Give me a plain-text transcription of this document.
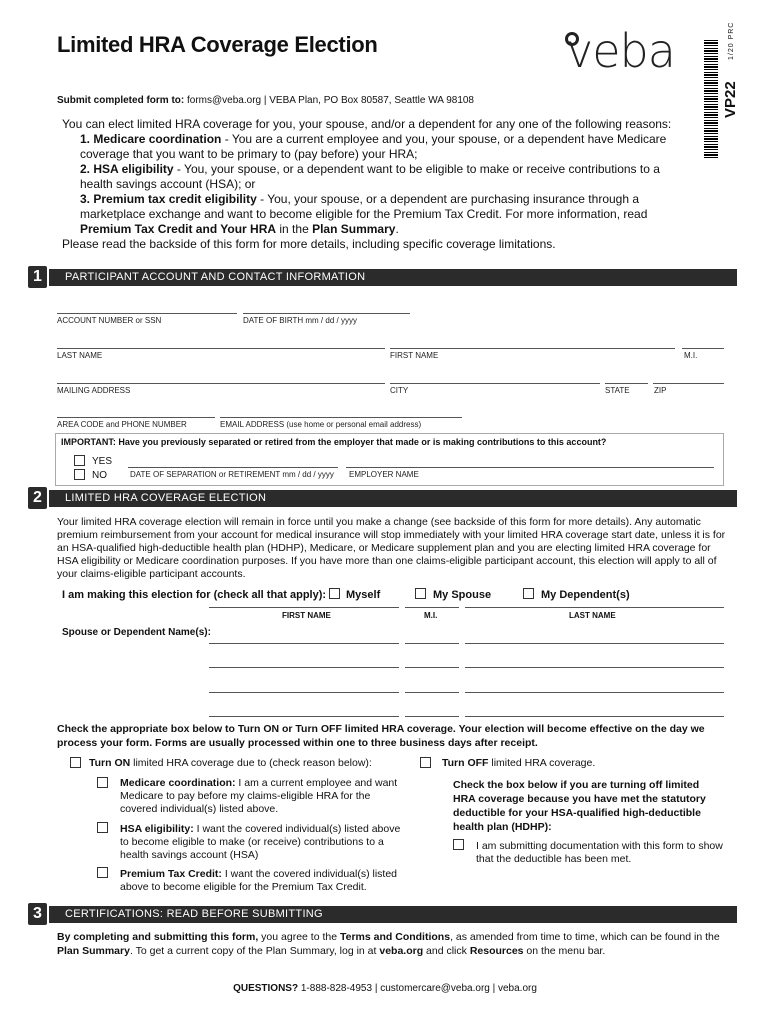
Limited HRA Coverage Election	veba
VP22
1/20 PRC
Submit completed form to: forms@veba.org | VEBA Plan, PO Box 80587, Seattle WA 98108
You can elect limited HRA coverage for you, your spouse, and/or a dependent for any one of the following reasons:
1. Medicare coordination - You are a current employee and you, your spouse, or a dependent have Medicare coverage that you want to be primary to (pay before) your HRA;
2. HSA eligibility - You, your spouse, or a dependent want to be eligible to make or receive contributions to a health savings account (HSA); or
3. Premium tax credit eligibility - You, your spouse, or a dependent are purchasing insurance through a marketplace exchange and want to become eligible for the Premium Tax Credit. For more information, read Premium Tax Credit and Your HRA in the Plan Summary.
Please read the backside of this form for more details, including specific coverage limitations.
1	PARTICIPANT ACCOUNT AND CONTACT INFORMATION
ACCOUNT NUMBER or SSN	DATE OF BIRTH mm / dd / yyyy
LAST NAME	FIRST NAME	M.I.
MAILING ADDRESS	CITY	STATE	ZIP
AREA CODE and PHONE NUMBER	EMAIL ADDRESS (use home or personal email address)
IMPORTANT: Have you previously separated or retired from the employer that made or is making contributions to this account?
YES
NO	DATE OF SEPARATION or RETIREMENT mm / dd / yyyy EMPLOYER NAME
2	LIMITED HRA COVERAGE ELECTION
Your limited HRA coverage election will remain in force until you make a change (see backside of this form for more details). Any automatic premium reimbursement from your account for medical insurance will stop immediately with your limited HRA coverage start date, unless it is for an HSA-qualified high-deductible health plan (HDHP), Medicare, or Medicare supplement plan and you are electing limited HRA coverage for HSA eligibility or Medicare coordination purposes. If you have more than one claims-eligible participant account, this election will apply to all of your claims-eligible participant accounts.
I am making this election for (check all that apply): Myself	My Spouse	My Dependent(s)
FIRST NAME	M.I.	LAST NAME
Spouse or Dependent Name(s):
Check the appropriate box below to Turn ON or Turn OFF limited HRA coverage. Your election will become effective on the day we process your form. Forms are usually processed within one to three business days after receipt.
Turn ON limited HRA coverage due to (check reason below):
Medicare coordination: I am a current employee and want Medicare to pay before my claims-eligible HRA for the covered individual(s) listed above.
HSA eligibility: I want the covered individual(s) listed above to become eligible to make (or receive) contributions to a health savings account (HSA)
Premium Tax Credit: I want the covered individual(s) listed above to become eligible for the Premium Tax Credit.
Turn OFF limited HRA coverage.
Check the box below if you are turning off limited HRA coverage because you have met the statutory deductible for your HSA-qualified high-deductible health plan (HDHP):
I am submitting documentation with this form to show that the deductible has been met.
3	CERTIFICATIONS: READ BEFORE SUBMITTING
By completing and submitting this form, you agree to the Terms and Conditions, as amended from time to time, which can be found in the Plan Summary. To get a current copy of the Plan Summary, log in at veba.org and click Resources on the menu bar.
QUESTIONS? 1-888-828-4953 | customercare@veba.org | veba.org
